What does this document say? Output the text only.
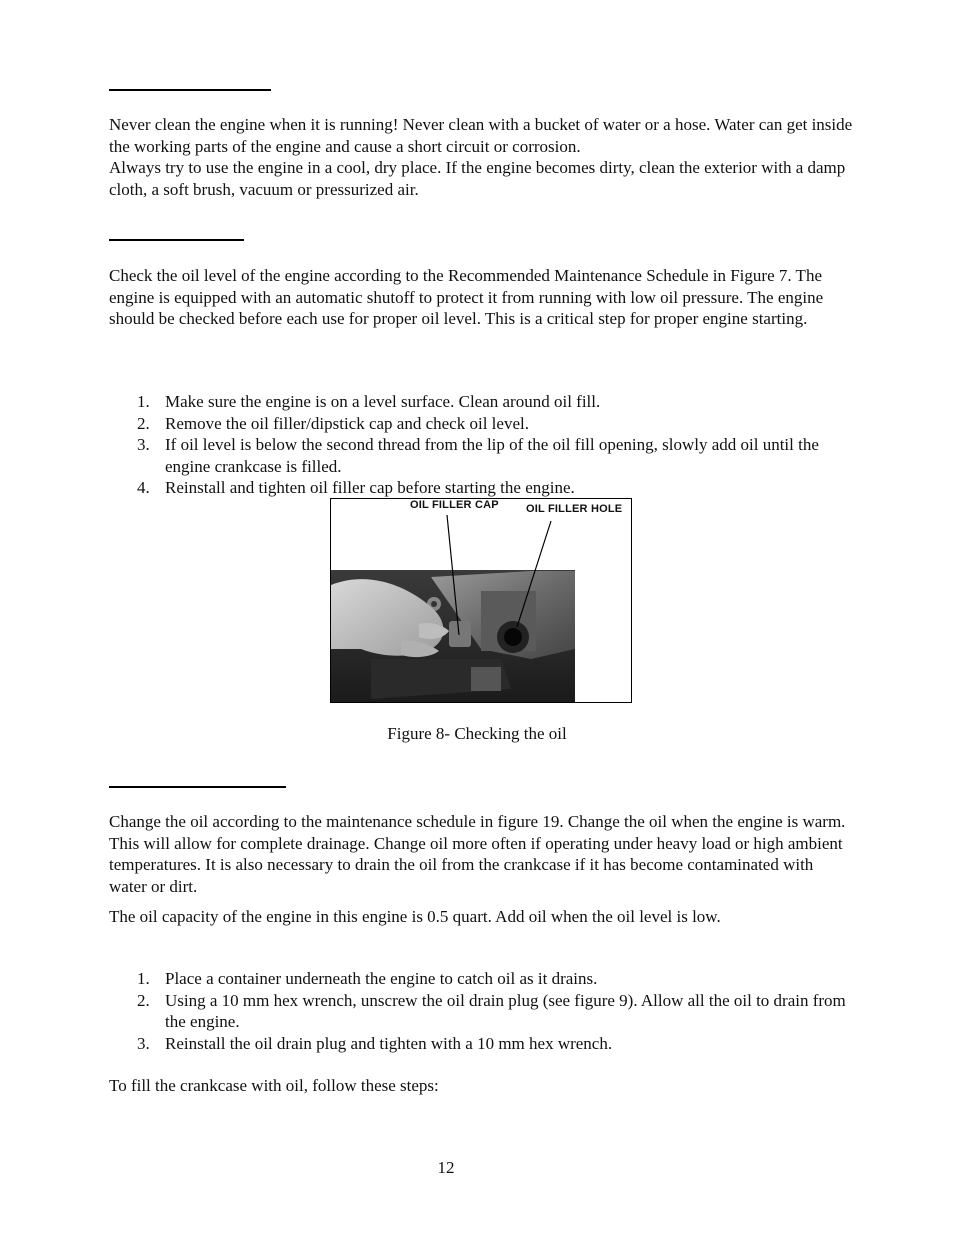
Never clean the engine when it is running! Never clean with a bucket of water or a hose. Water can get inside the working parts of the engine and cause a short circuit or corrosion.

Always try to use the engine in a cool, dry place. If the engine becomes dirty, clean the exterior with a damp cloth, a soft brush, vacuum or pressurized air.

Check the oil level of the engine according to the Recommended Maintenance Schedule in Figure 7. The engine is equipped with an automatic shutoff to protect it from running with low oil pressure. The engine should be checked before each use for proper oil level. This is a critical step for proper engine starting.

1. Make sure the engine is on a level surface. Clean around oil fill.
2. Remove the oil filler/dipstick cap and check oil level.
3. If oil level is below the second thread from the lip of the oil fill opening, slowly add oil until the engine crankcase is filled.
4. Reinstall and tighten oil filler cap before starting the engine.
OIL FILLER CAP OIL FILLER HOLE

Figure 8- Checking the oil

Change the oil according to the maintenance schedule in figure 19. Change the oil when the engine is warm. This will allow for complete drainage. Change oil more often if operating under heavy load or high ambient temperatures. It is also necessary to drain the oil from the crankcase if it has become contaminated with water or dirt.

The oil capacity of the engine in this engine is 0.5 quart. Add oil when the oil level is low.

1. Place a container underneath the engine to catch oil as it drains.
2. Using a 10 mm hex wrench, unscrew the oil drain plug (see figure 9). Allow all the oil to drain from the engine.
3. Reinstall the oil drain plug and tighten with a 10 mm hex wrench.

To fill the crankcase with oil, follow these steps:

12
